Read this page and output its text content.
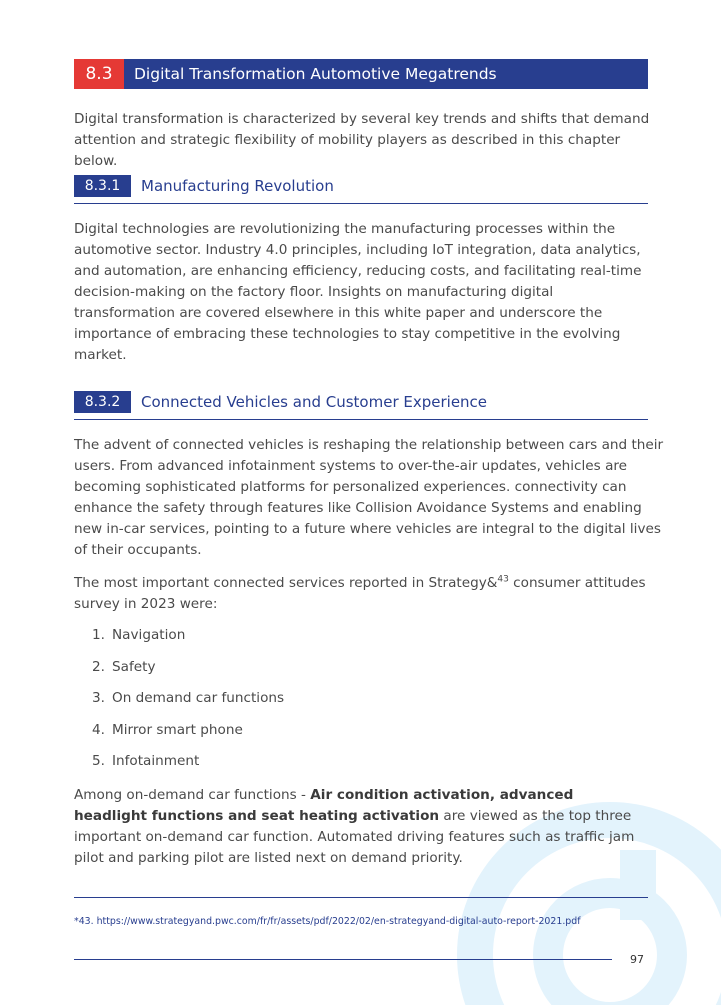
8.3	Digital Transformation Automotive Megatrends

Digital transformation is characterized by several key trends and shifts that demand attention and strategic flexibility of mobility players as described in this chapter below.

8.3.1	Manufacturing Revolution

Digital technologies are revolutionizing the manufacturing processes within the automotive sector. Industry 4.0 principles, including IoT integration, data analytics, and automation, are enhancing efficiency, reducing costs, and facilitating real-time decision-making on the factory floor. Insights on manufacturing digital transformation are covered elsewhere in this white paper and underscore the importance of embracing these technologies to stay competitive in the evolving market.

8.3.2	Connected Vehicles and Customer Experience

The advent of connected vehicles is reshaping the relationship between cars and their users. From advanced infotainment systems to over-the-air updates, vehicles are becoming sophisticated platforms for personalized experiences. connectivity can enhance the safety through features like Collision Avoidance Systems and enabling new in-car services, pointing to a future where vehicles are integral to the digital lives of their occupants.

The most important connected services reported in Strategy&$^{43}$ consumer attitudes survey in 2023 were:

1. Navigation
2. Safety
3. On demand car functions
4. Mirror smart phone
5. Infotainment

Among on-demand car functions - Air condition activation, advanced headlight functions and seat heating activation are viewed as the top three important on-demand car function. Automated driving features such as traffic jam pilot and parking pilot are listed next on demand priority.

*43. https://www.strategyand.pwc.com/fr/fr/assets/pdf/2022/02/en-strategyand-digital-auto-report-2021.pdf
97
